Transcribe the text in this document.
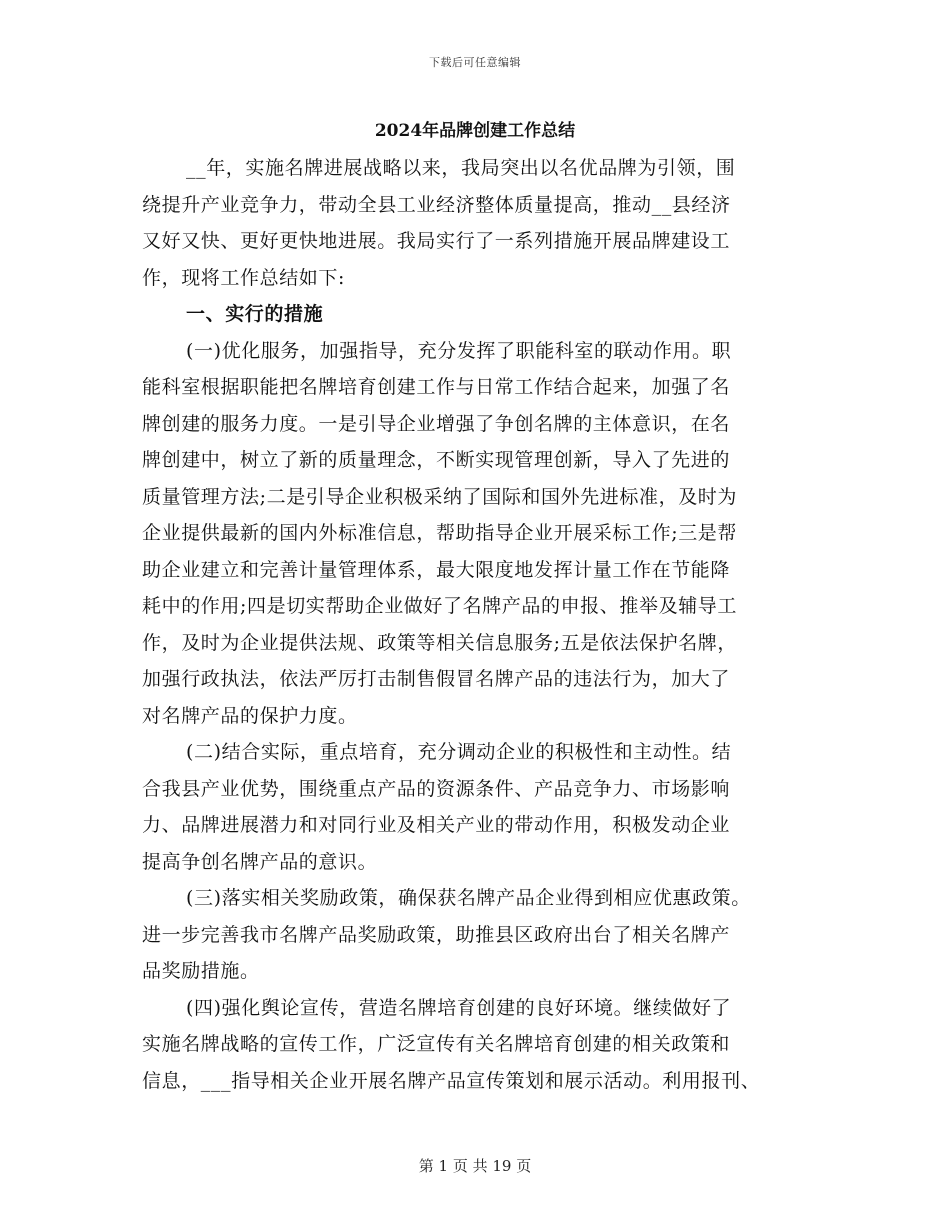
下载后可任意编辑
2024年品牌创建工作总结
__年，实施名牌进展战略以来，我局突出以名优品牌为引领，围
绕提升产业竞争力，带动全县工业经济整体质量提高，推动__县经济
又好又快、更好更快地进展。我局实行了一系列措施开展品牌建设工
作，现将工作总结如下:
一、实行的措施
(一)优化服务，加强指导，充分发挥了职能科室的联动作用。职
能科室根据职能把名牌培育创建工作与日常工作结合起来，加强了名
牌创建的服务力度。一是引导企业增强了争创名牌的主体意识，在名
牌创建中，树立了新的质量理念，不断实现管理创新，导入了先进的
质量管理方法;二是引导企业积极采纳了国际和国外先进标准，及时为
企业提供最新的国内外标准信息，帮助指导企业开展采标工作;三是帮
助企业建立和完善计量管理体系，最大限度地发挥计量工作在节能降
耗中的作用;四是切实帮助企业做好了名牌产品的申报、推举及辅导工
作，及时为企业提供法规、政策等相关信息服务;五是依法保护名牌，
加强行政执法，依法严厉打击制售假冒名牌产品的违法行为，加大了
对名牌产品的保护力度。
(二)结合实际，重点培育，充分调动企业的积极性和主动性。结
合我县产业优势，围绕重点产品的资源条件、产品竞争力、市场影响
力、品牌进展潜力和对同行业及相关产业的带动作用，积极发动企业
提高争创名牌产品的意识。
(三)落实相关奖励政策，确保获名牌产品企业得到相应优惠政策。
进一步完善我市名牌产品奖励政策，助推县区政府出台了相关名牌产
品奖励措施。
(四)强化舆论宣传，营造名牌培育创建的良好环境。继续做好了
实施名牌战略的宣传工作，广泛宣传有关名牌培育创建的相关政策和
信息，___指导相关企业开展名牌产品宣传策划和展示活动。利用报刊、
第 1 页 共 19 页
